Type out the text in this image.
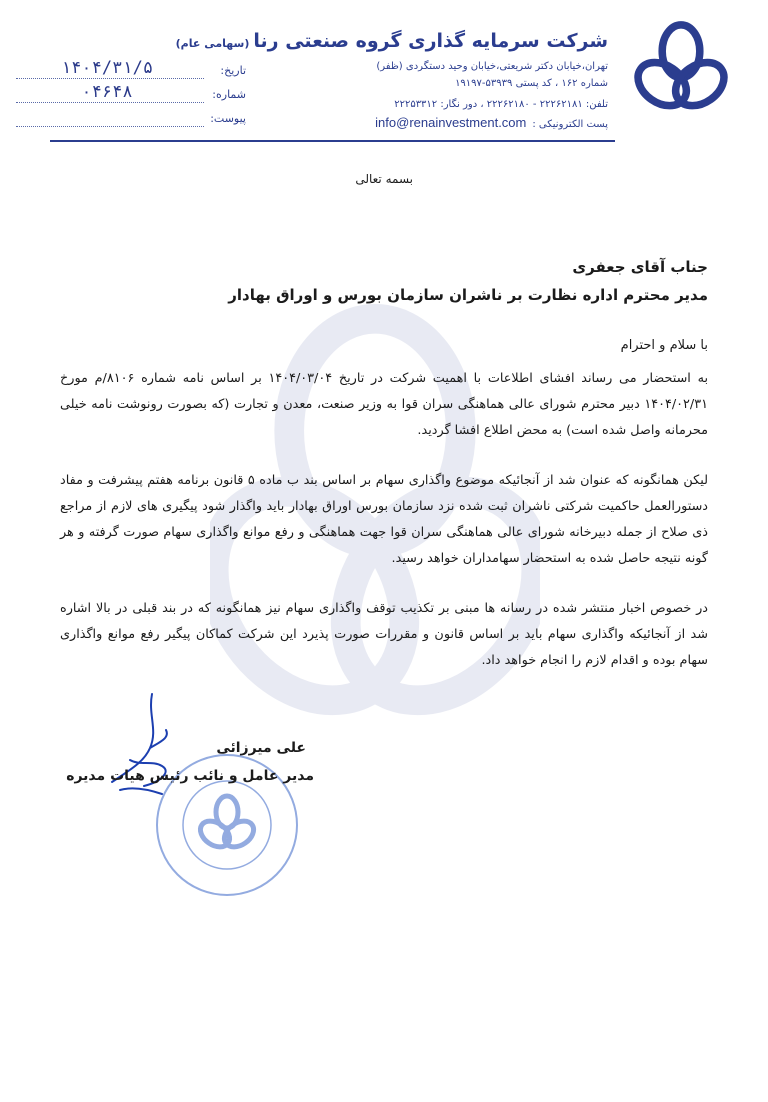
شرکت سرمایه گذاری گروه صنعتی رنا(سهامی عام)
تهران،خیابان دکتر شریعتی،خیابان وحید دستگردی (ظفر)
شماره ۱۶۲ ، کد پستی ۵۳۹۳۹-۱۹۱۹۷
تلفن: ۲۲۲۶۲۱۸۱ - ۲۲۲۶۲۱۸۰ ، دور نگار: ۲۲۲۵۳۳۱۲
پست الکترونیکی :info@renainvestment.com
تاریخ:
۱۴۰۴/۳۱/۵
شماره:
۰۴۶۴۸
پیوست:
بسمه تعالی
جناب آقای جعفری
مدیر محترم اداره نظارت بر ناشران سازمان بورس و اوراق بهادار
با سلام و احترام
به استحضار می رساند افشای اطلاعات با اهمیت شرکت در تاریخ ۱۴۰۴/۰۳/۰۴ بر اساس نامه شماره ۸۱۰۶/م مورخ ۱۴۰۴/۰۲/۳۱ دبیر محترم شورای عالی هماهنگی سران قوا به وزیر صنعت، معدن و تجارت (که بصورت رونوشت نامه خیلی محرمانه واصل شده است) به محض اطلاع افشا گردید.
لیکن همانگونه که عنوان شد از آنجائیکه موضوع واگذاری سهام بر اساس بند ب ماده ۵ قانون برنامه هفتم پیشرفت و مفاد دستورالعمل حاکمیت شرکتی ناشران ثبت شده نزد سازمان بورس اوراق بهادار باید واگذار شود پیگیری های لازم از مراجع ذی صلاح از جمله دبیرخانه شورای عالی هماهنگی سران قوا جهت هماهنگی و رفع موانع واگذاری سهام صورت گرفته و هر گونه نتیجه حاصل شده به استحضار سهامداران خواهد رسید.
در خصوص اخبار منتشر شده در رسانه ها مبنی بر تکذیب توقف واگذاری سهام نیز همانگونه که در بند قبلی در بالا اشاره شد از آنجائیکه واگذاری سهام باید بر اساس قانون و مقررات صورت پذیرد این شرکت کماکان پیگیر رفع موانع واگذاری سهام بوده و اقدام لازم را انجام خواهد داد.
علی میرزائی
مدیر عامل و نائب رئیس هیات مدیره
